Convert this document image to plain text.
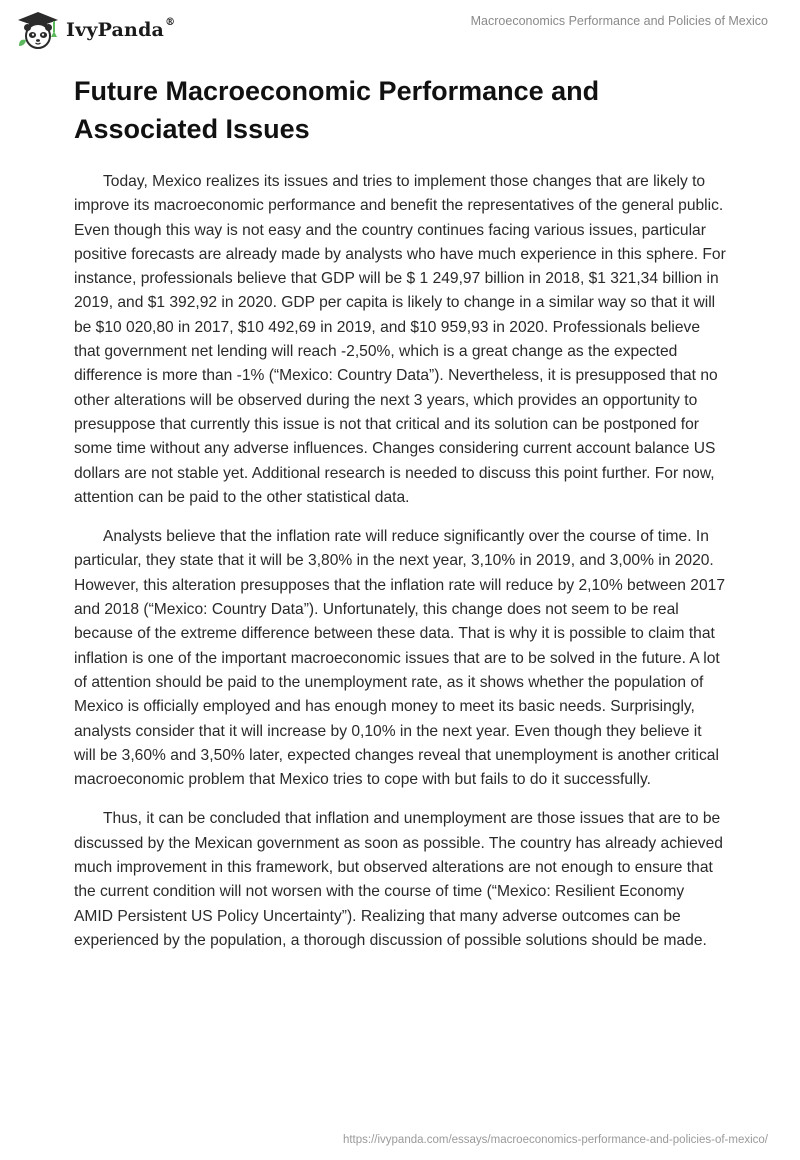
IvyPanda®	Macroeconomics Performance and Policies of Mexico
Future Macroeconomic Performance and Associated Issues

Today, Mexico realizes its issues and tries to implement those changes that are likely to improve its macroeconomic performance and benefit the representatives of the general public. Even though this way is not easy and the country continues facing various issues, particular positive forecasts are already made by analysts who have much experience in this sphere. For instance, professionals believe that GDP will be $ 1 249,97 billion in 2018, $1 321,34 billion in 2019, and $1 392,92 in 2020. GDP per capita is likely to change in a similar way so that it will be $10 020,80 in 2017, $10 492,69 in 2019, and $10 959,93 in 2020. Professionals believe that government net lending will reach -2,50%, which is a great change as the expected difference is more than -1% (“Mexico: Country Data”). Nevertheless, it is presupposed that no other alterations will be observed during the next 3 years, which provides an opportunity to presuppose that currently this issue is not that critical and its solution can be postponed for some time without any adverse influences. Changes considering current account balance US dollars are not stable yet. Additional research is needed to discuss this point further. For now, attention can be paid to the other statistical data.

Analysts believe that the inflation rate will reduce significantly over the course of time. In particular, they state that it will be 3,80% in the next year, 3,10% in 2019, and 3,00% in 2020. However, this alteration presupposes that the inflation rate will reduce by 2,10% between 2017 and 2018 (“Mexico: Country Data”). Unfortunately, this change does not seem to be real because of the extreme difference between these data. That is why it is possible to claim that inflation is one of the important macroeconomic issues that are to be solved in the future. A lot of attention should be paid to the unemployment rate, as it shows whether the population of Mexico is officially employed and has enough money to meet its basic needs. Surprisingly, analysts consider that it will increase by 0,10% in the next year. Even though they believe it will be 3,60% and 3,50% later, expected changes reveal that unemployment is another critical macroeconomic problem that Mexico tries to cope with but fails to do it successfully.

Thus, it can be concluded that inflation and unemployment are those issues that are to be discussed by the Mexican government as soon as possible. The country has already achieved much improvement in this framework, but observed alterations are not enough to ensure that the current condition will not worsen with the course of time (“Mexico: Resilient Economy AMID Persistent US Policy Uncertainty”). Realizing that many adverse outcomes can be experienced by the population, a thorough discussion of possible solutions should be made.

https://ivypanda.com/essays/macroeconomics-performance-and-policies-of-mexico/
